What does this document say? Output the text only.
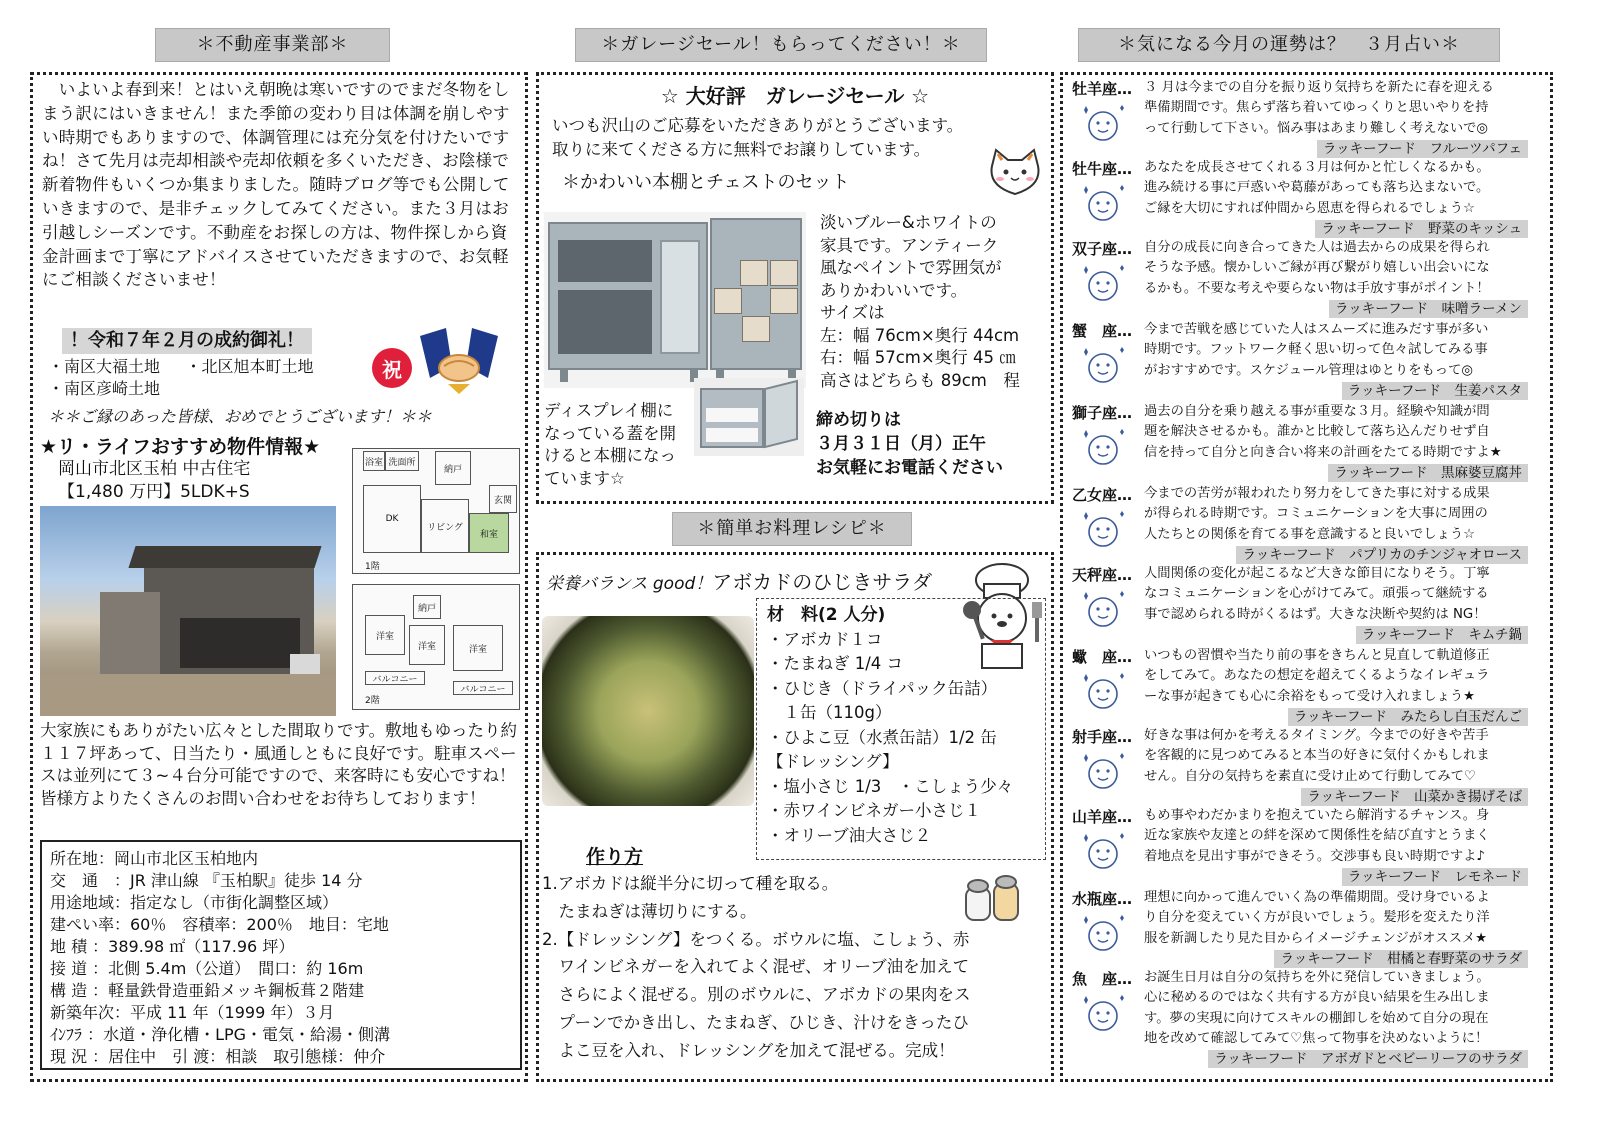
＊不動産事業部＊	＊ガレージセール！もらってください！＊	＊気になる今月の運勢は？　３月占い＊
　いよいよ春到来！とはいえ朝晩は寒いですのでまだ冬物をしまう訳にはいきません！また季節の変わり目は体調を崩しやすい時期でもありますので、体調管理には充分気を付けたいですね！さて先月は売却相談や売却依頼を多くいただき、お陰様で新着物件もいくつか集まりました。随時ブログ等でも公開していきますので、是非チェックしてみてください。また３月はお引越しシーズンです。不動産をお探しの方は、物件探しから資金計画まで丁寧にアドバイスさせていただきますので、お気軽にご相談くださいませ！
！令和７年２月の成約御礼！
・南区大福土地 ・北区旭本町土地
・南区彦崎土地
祝
＊＊ご縁のあった皆様、おめでとうございます！＊＊
★リ・ライフおすすめ物件情報★
岡山市北区玉柏 中古住宅
【1,480 万円】5LDK+S
浴室 洗面所
納戸
DK
リビング
和室
玄関
1階
洋室
洋室	洋室
納戸
バルコニー
バルコニー
2階
大家族にもありがたい広々とした間取りです。敷地もゆったり約１１７坪あって、日当たり・風通しともに良好です。駐車スペースは並列にて３~４台分可能ですので、来客時にも安心ですね！皆様方よりたくさんのお問い合わせをお待ちしております！
所在地：岡山市北区玉柏地内
交　通　：JR 津山線 『玉柏駅』徒歩 14 分
用途地域：指定なし（市街化調整区域）
建ぺい率：60％　容積率：200％　地目：宅地
地 積 ：389.98 ㎡（117.96 坪）
接 道 ：北側 5.4m（公道）　間口：約 16m
構 造 ：軽量鉄骨造亜鉛メッキ鋼板葺２階建
新築年次：平成 11 年（1999 年）３月
ｲﾝﾌﾗ ：水道・浄化槽・LPG・電気・給湯・側溝
現 況 ：居住中　引 渡：相談　取引態様：仲介
☆ 大好評　ガレージセール ☆
いつも沢山のご応募をいただきありがとうございます。
取りに来てくださる方に無料でお譲りしています。
＊かわいい本棚とチェストのセット
淡いブルー&ホワイトの
家具です。アンティーク
風なペイントで雰囲気が
ありかわいいです。
サイズは
左：幅 76cm×奥行 44cm
右：幅 57cm×奥行 45 ㎝
高さはどちらも 89cm　程
ディスプレイ棚に
なっている蓋を開
けると本棚になっ
ています☆
締め切りは
３月３１日（月）正午
お気軽にお電話ください
＊簡単お料理レシピ＊
栄養バランス good！アボカドのひじきサラダ
材　料(2 人分)
・アボカド１コ
・たまねぎ 1/4 コ
・ひじき（ドライパック缶詰）
　１缶（110g）
・ひよこ豆（水煮缶詰）1/2 缶
【ドレッシング】
・塩小さじ 1/3　・こしょう少々
・赤ワインビネガー小さじ１
・オリーブ油大さじ２
作り方
1.アボカドは縦半分に切って種を取る。
　たまねぎは薄切りにする。
2.【ドレッシング】をつくる。ボウルに塩、こしょう、赤
　ワインビネガーを入れてよく混ぜ、オリーブ油を加えて
　さらによく混ぜる。別のボウルに、アボカドの果肉をス
　プーンでかき出し、たまねぎ、ひじき、汁けをきったひ
　よこ豆を入れ、ドレッシングを加えて混ぜる。完成！
牡羊座… ３ 月は今までの自分を振り返り気持ちを新たに春を迎える
準備期間です。焦らず落ち着いてゆっくりと思いやりを持
って行動して下さい。悩み事はあまり難しく考えないで◎
ラッキーフード　フルーツパフェ
牡牛座… あなたを成長させてくれる３月は何かと忙しくなるかも。
進み続ける事に戸惑いや葛藤があっても落ち込まないで。
ご縁を大切にすれば仲間から恩恵を得られるでしょう☆
ラッキーフード　野菜のキッシュ
双子座… 自分の成長に向き合ってきた人は過去からの成果を得られ
そうな予感。懐かしいご縁が再び繋がり嬉しい出会いにな
るかも。不要な考えや要らない物は手放す事がポイント！
ラッキーフード　味噌ラーメン
蟹　座… 今まで苦戦を感じていた人はスムーズに進みだす事が多い
時期です。フットワーク軽く思い切って色々試してみる事
がおすすめです。スケジュール管理はゆとりをもって◎
ラッキーフード　生姜パスタ
獅子座… 過去の自分を乗り越える事が重要な３月。経験や知識が問
題を解決させるかも。誰かと比較して落ち込んだりせず自
信を持って自分と向き合い将来の計画をたてる時期ですよ★
ラッキーフード　黒麻婆豆腐丼
乙女座… 今までの苦労が報われたり努力をしてきた事に対する成果
が得られる時期です。コミュニケーションを大事に周囲の
人たちとの関係を育てる事を意識すると良いでしょう☆
ラッキーフード　パプリカのチンジャオロース
天秤座… 人間関係の変化が起こるなど大きな節目になりそう。丁寧
なコミュニケーションを心がけてみて。頑張って継続する
事で認められる時がくるはず。大きな決断や契約は NG！
ラッキーフード　キムチ鍋
蠍　座… いつもの習慣や当たり前の事をきちんと見直して軌道修正
をしてみて。あなたの想定を超えてくるようなイレギュラ
ーな事が起きても心に余裕をもって受け入れましょう★
ラッキーフード　みたらし白玉だんご
射手座… 好きな事は何かを考えるタイミング。今までの好きや苦手
を客観的に見つめてみると本当の好きに気付くかもしれま
せん。自分の気持ちを素直に受け止めて行動してみて♡
ラッキーフード　山菜かき揚げそば
山羊座… もめ事やわだかまりを抱えていたら解消するチャンス。身
近な家族や友達との絆を深めて関係性を結び直すとうまく
着地点を見出す事ができそう。交渉事も良い時期ですよ♪
ラッキーフード　レモネード
水瓶座… 理想に向かって進んでいく為の準備期間。受け身でいるよ
り自分を変えていく方が良いでしょう。髪形を変えたり洋
服を新調したり見た目からイメージチェンジがオススメ★
ラッキーフード　柑橘と春野菜のサラダ
魚　座… お誕生日月は自分の気持ちを外に発信していきましょう。
心に秘めるのではなく共有する方が良い結果を生み出しま
す。夢の実現に向けてスキルの棚卸しを始めて自分の現在
地を改めて確認してみて♡焦って物事を決めないように！
ラッキーフード　アボガドとベビーリーフのサラダ
